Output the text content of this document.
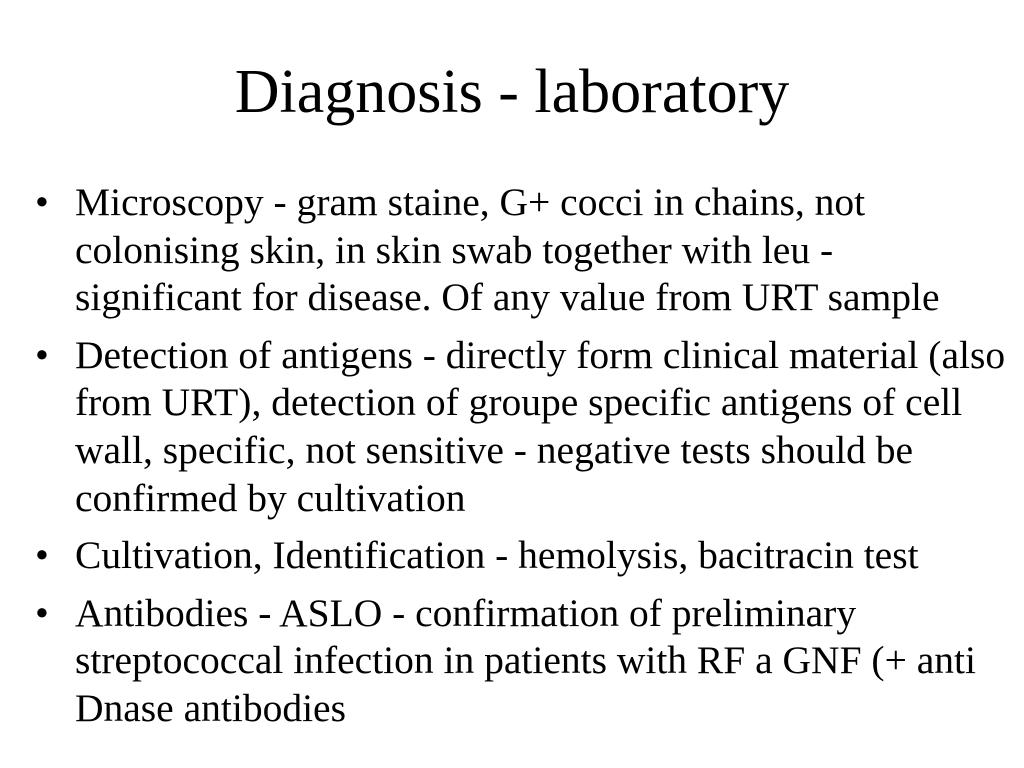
Diagnosis - laboratory
• Microscopy - gram staine, G+ cocci in chains, not
colonising skin, in skin swab together with leu -
significant for disease. Of any value from URT sample
• Detection of antigens - directly form clinical material (also
from URT), detection of groupe specific antigens of cell
wall, specific, not sensitive - negative tests should be
confirmed by cultivation
• Cultivation, Identification - hemolysis, bacitracin test
• Antibodies - ASLO - confirmation of preliminary
streptococcal infection in patients with RF a GNF (+ anti
Dnase antibodies
